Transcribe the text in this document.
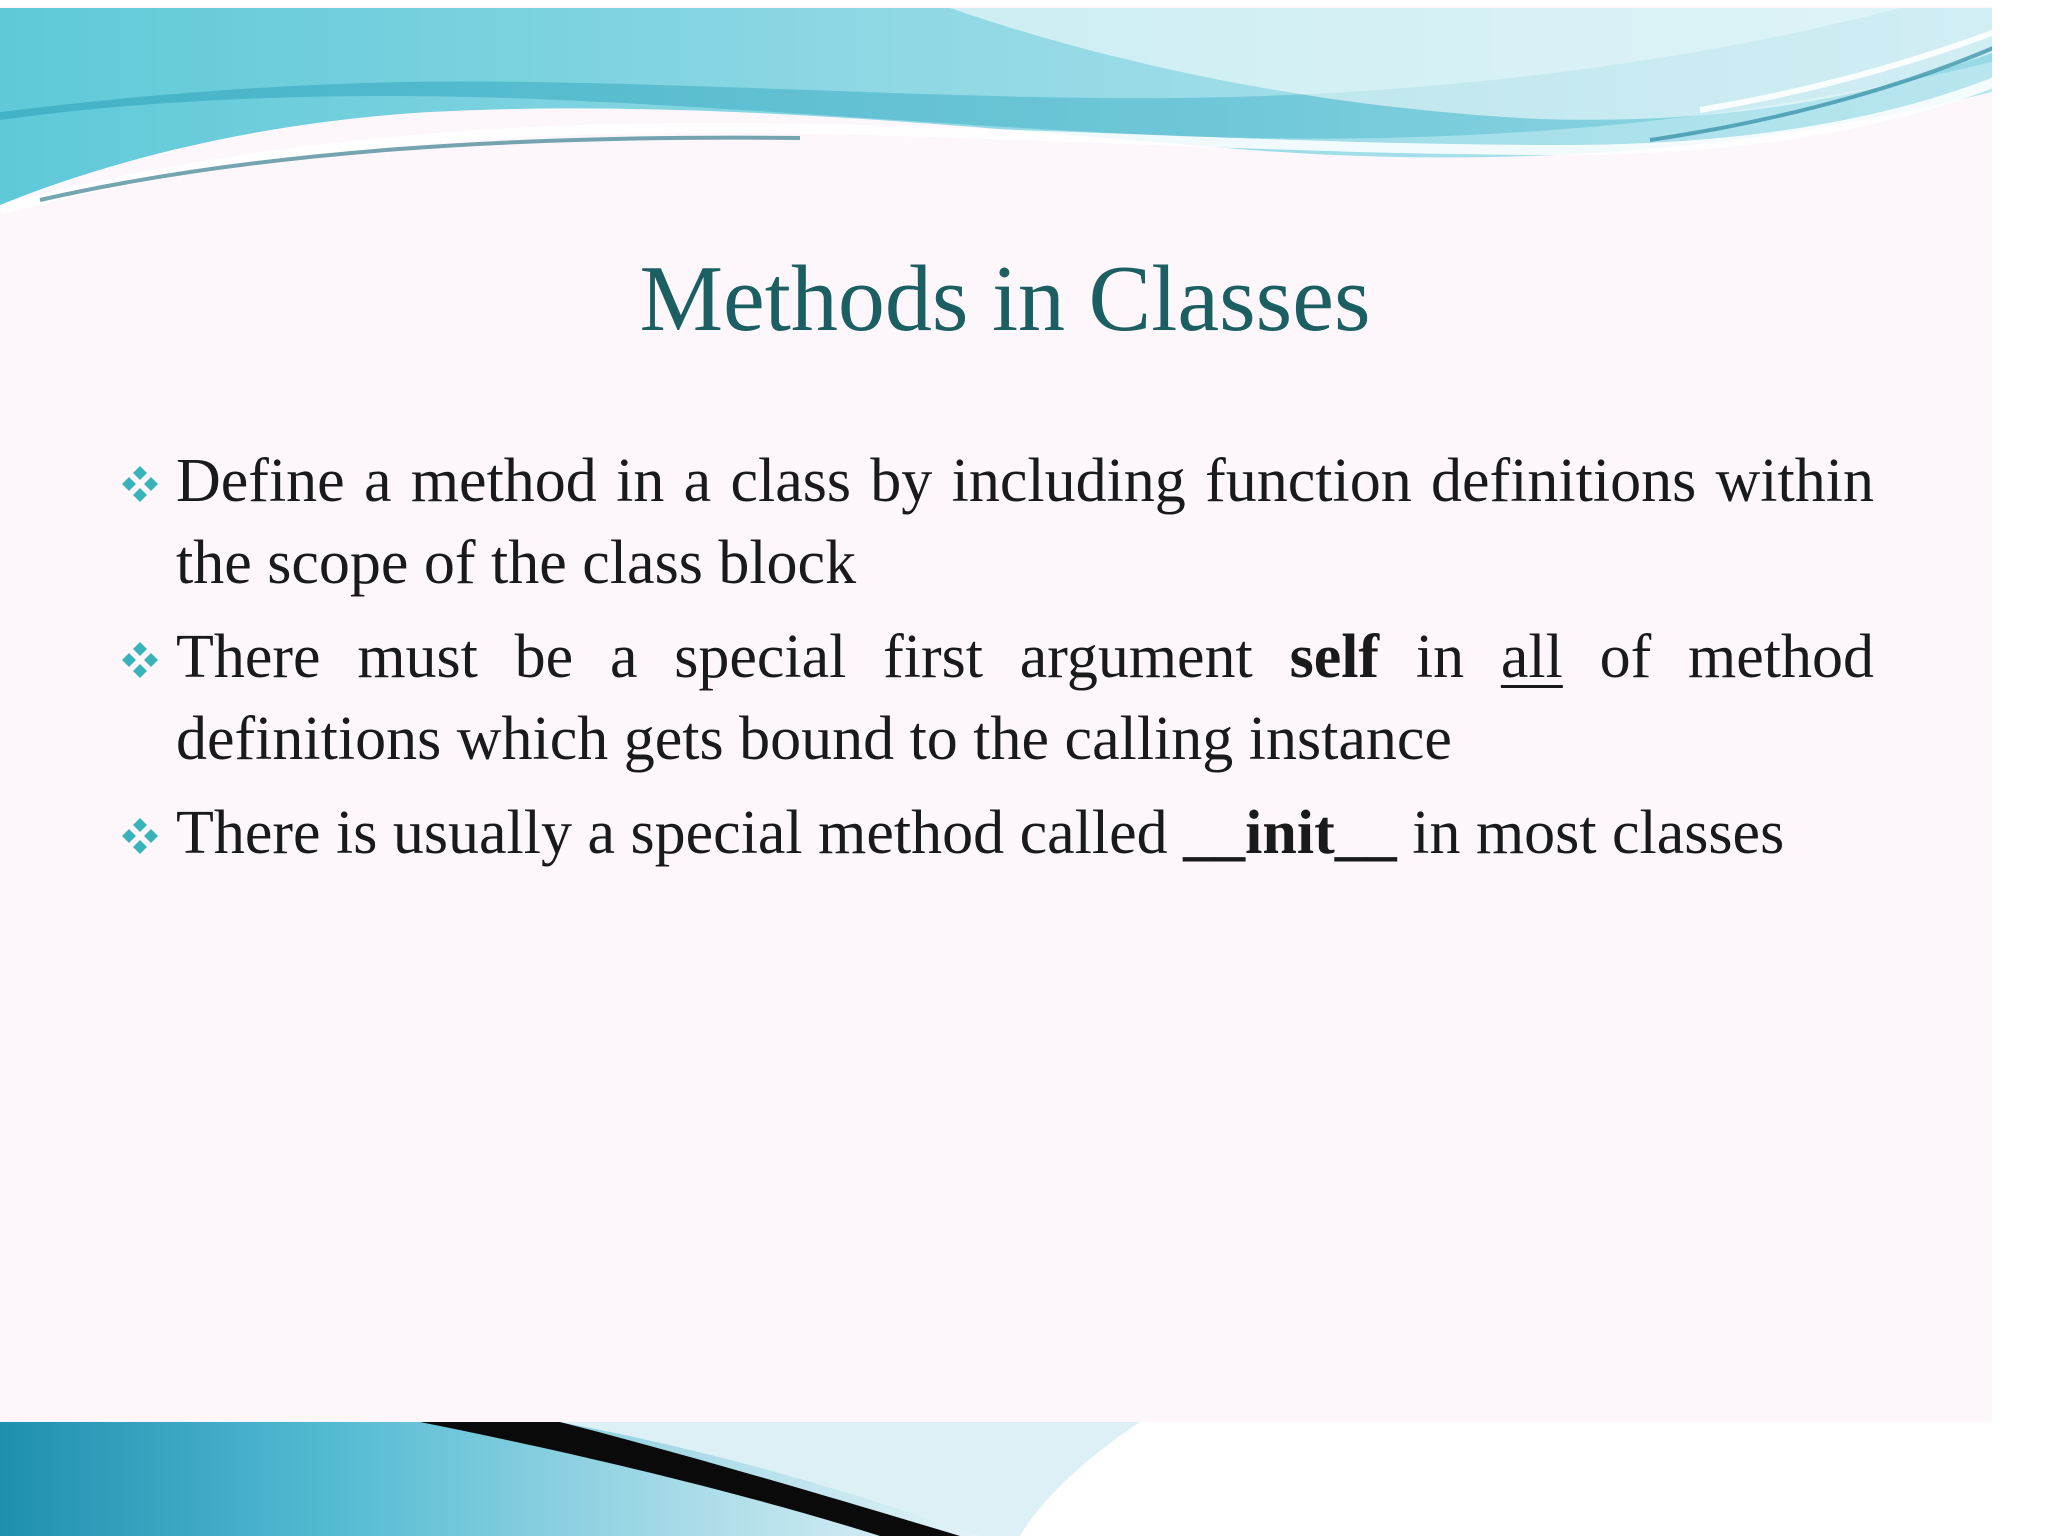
Methods in Classes
Define a method in a class by including function definitions within the scope of the class block
There must be a special first argument self in all of method definitions which gets bound to the calling instance
There is usually a special method called __init__ in most classes
